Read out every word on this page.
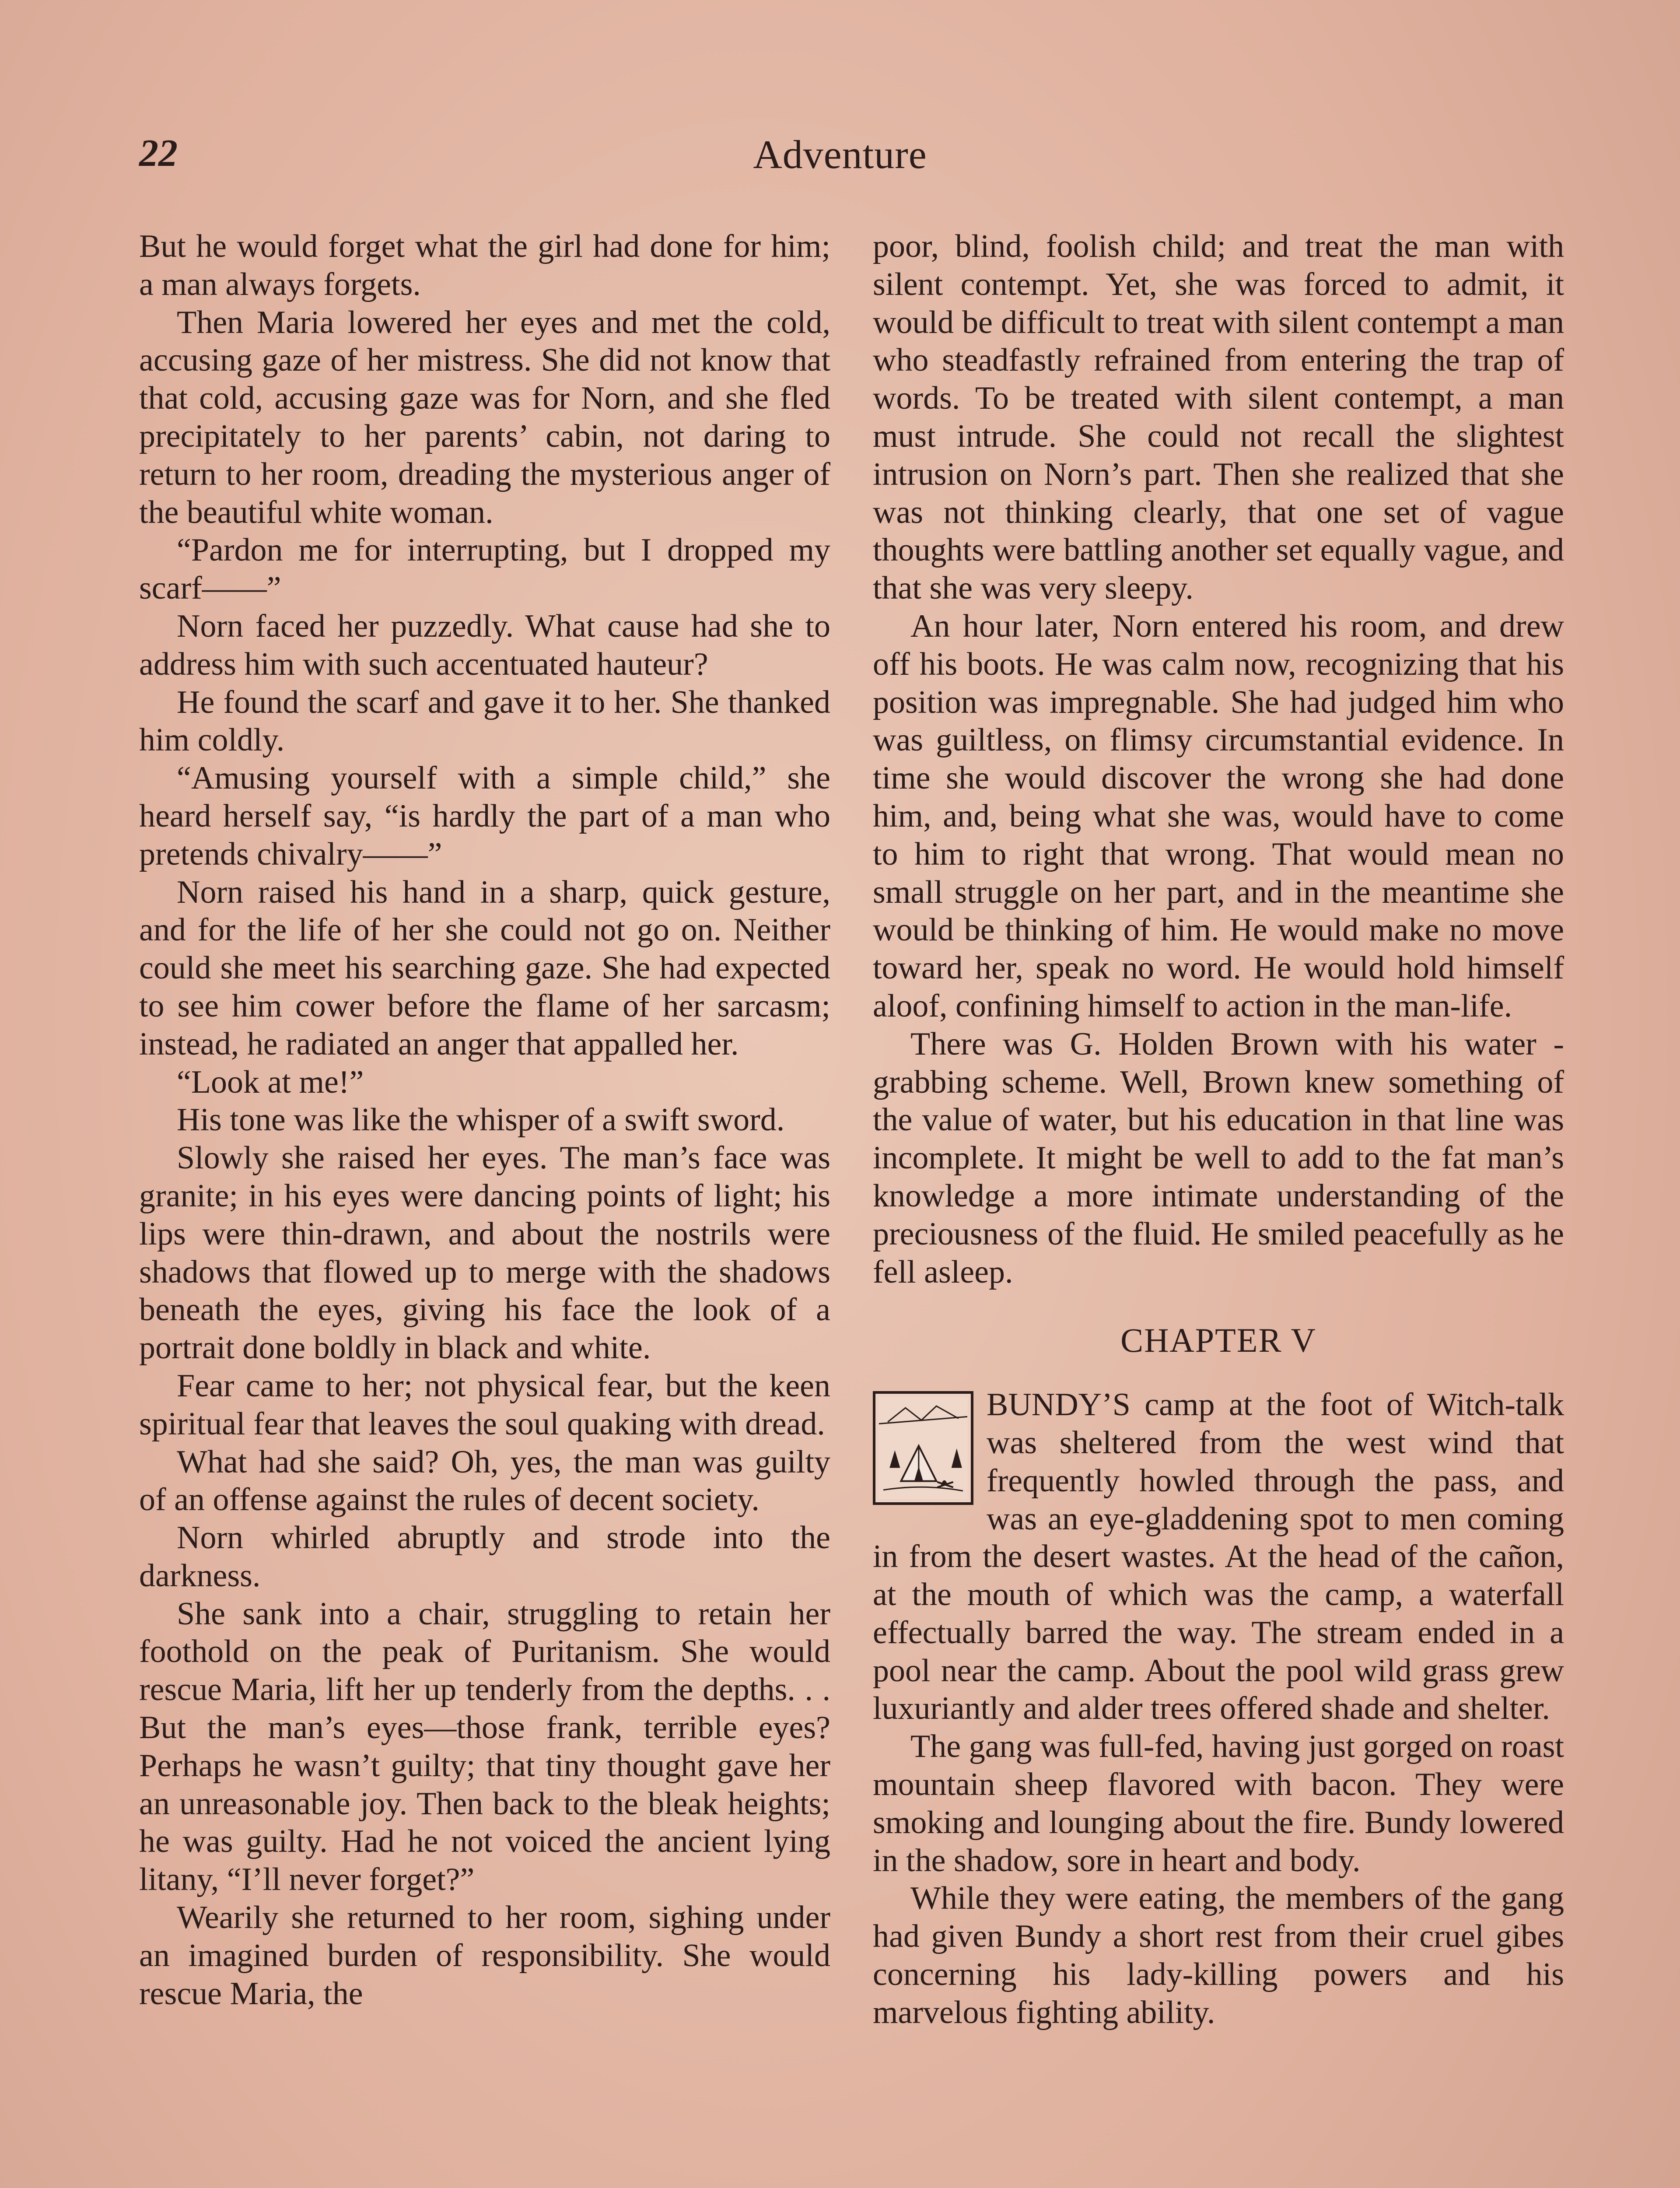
22	Adventure

But he would forget what the girl had done for him; a man always forgets.

Then Maria lowered her eyes and met the cold, accusing gaze of her mistress. She did not know that that cold, accusing gaze was for Norn, and she fled precipitately to her parents’ cabin, not daring to return to her room, dreading the mysterious anger of the beautiful white woman.

“Pardon me for interrupting, but I dropped my scarf——”

Norn faced her puzzedly. What cause had she to address him with such accentuated hauteur?

He found the scarf and gave it to her. She thanked him coldly.

“Amusing yourself with a simple child,” she heard herself say, “is hardly the part of a man who pretends chivalry——”

Norn raised his hand in a sharp, quick gesture, and for the life of her she could not go on. Neither could she meet his searching gaze. She had expected to see him cower before the flame of her sarcasm; instead, he radiated an anger that appalled her.

“Look at me!”

His tone was like the whisper of a swift sword.

Slowly she raised her eyes. The man’s face was granite; in his eyes were dancing points of light; his lips were thin-drawn, and about the nostrils were shadows that flowed up to merge with the shadows beneath the eyes, giving his face the look of a portrait done boldly in black and white.

Fear came to her; not physical fear, but the keen spiritual fear that leaves the soul quaking with dread.

What had she said? Oh, yes, the man was guilty of an offense against the rules of decent society.

Norn whirled abruptly and strode into the darkness.

She sank into a chair, struggling to retain her foothold on the peak of Puritanism. She would rescue Maria, lift her up tenderly from the depths. . . But the man’s eyes—those frank, terrible eyes? Perhaps he wasn’t guilty; that tiny thought gave her an unreasonable joy. Then back to the bleak heights; he was guilty. Had he not voiced the ancient lying litany, “I’ll never forget?”

Wearily she returned to her room, sighing under an imagined burden of responsibility. She would rescue Maria, the

poor, blind, foolish child; and treat the man with silent contempt. Yet, she was forced to admit, it would be difficult to treat with silent contempt a man who steadfastly refrained from entering the trap of words. To be treated with silent contempt, a man must intrude. She could not recall the slightest intrusion on Norn’s part. Then she realized that she was not thinking clearly, that one set of vague thoughts were battling another set equally vague, and that she was very sleepy.

An hour later, Norn entered his room, and drew off his boots. He was calm now, recognizing that his position was impregnable. She had judged him who was guiltless, on flimsy circumstantial evidence. In time she would discover the wrong she had done him, and, being what she was, would have to come to him to right that wrong. That would mean no small struggle on her part, and in the meantime she would be thinking of him. He would make no move toward her, speak no word. He would hold himself aloof, confining himself to action in the man-life.

There was G. Holden Brown with his water - grabbing scheme. Well, Brown knew something of the value of water, but his education in that line was incomplete. It might be well to add to the fat man’s knowledge a more intimate understanding of the preciousness of the fluid. He smiled peacefully as he fell asleep.

CHAPTER V

BUNDY’S camp at the foot of Witch-talk was sheltered from the west wind that frequently howled through the pass, and was an eye-gladdening spot to men coming in from the desert wastes. At the head of the cañon, at the mouth of which was the camp, a waterfall effectually barred the way. The stream ended in a pool near the camp. About the pool wild grass grew luxuriantly and alder trees offered shade and shelter.

The gang was full-fed, having just gorged on roast mountain sheep flavored with bacon. They were smoking and lounging about the fire. Bundy lowered in the shadow, sore in heart and body.

While they were eating, the members of the gang had given Bundy a short rest from their cruel gibes concerning his lady-killing powers and his marvelous fighting ability.
